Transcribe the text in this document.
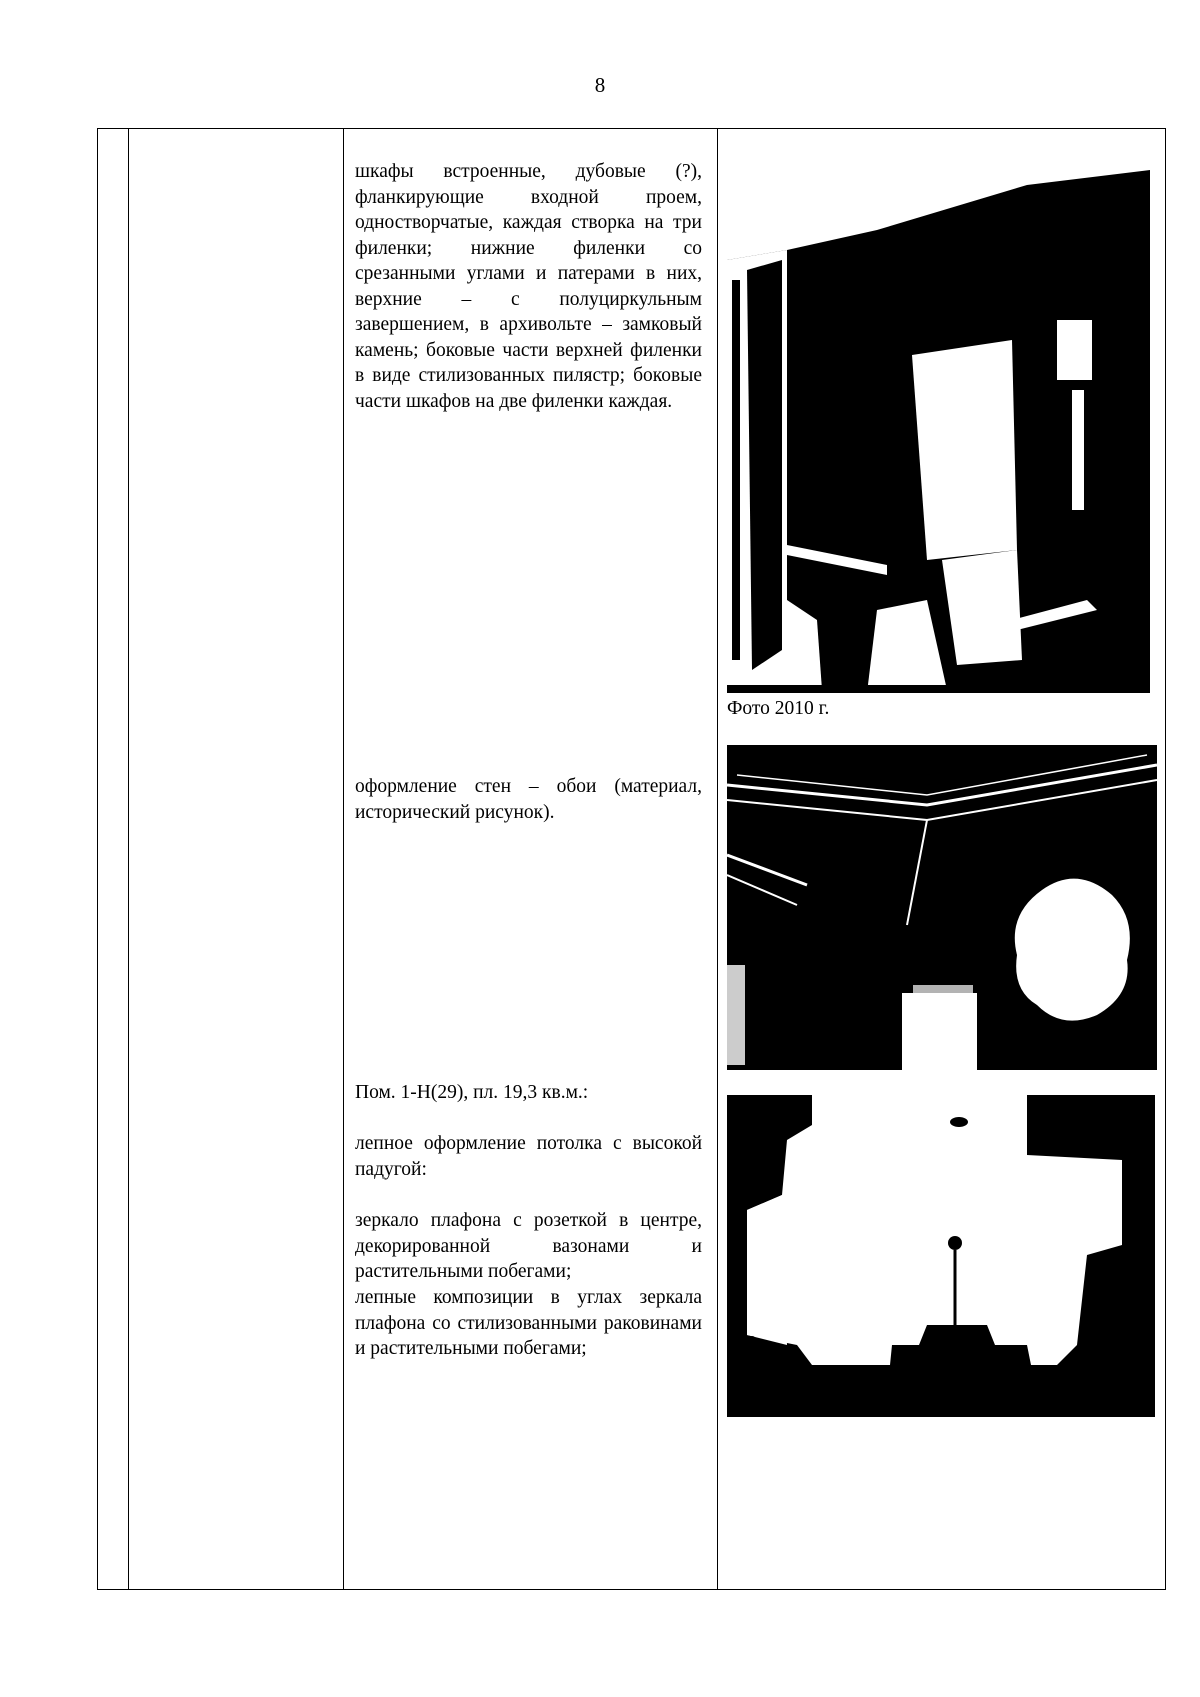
8

шкафы встроенные, дубовые (?), фланкирующие входной проем, одностворчатые, каждая створка на три филенки; нижние филенки со срезанными углами и патерами в них, верхние – с полуциркульным завершением, в архивольте – замковый камень; боковые части верхней филенки в виде стилизованных пилястр; боковые части шкафов на две филенки каждая.

оформление стен – обои (материал, исторический рисунок).

Пом. 1-Н(29), пл. 19,3 кв.м.:

лепное оформление потолка с высокой падугой:

зеркало плафона с розеткой в центре, декорированной вазонами и растительными побегами;

лепные композиции в углах зеркала плафона со стилизованными раковинами и растительными побегами;

Фото 2010 г.
